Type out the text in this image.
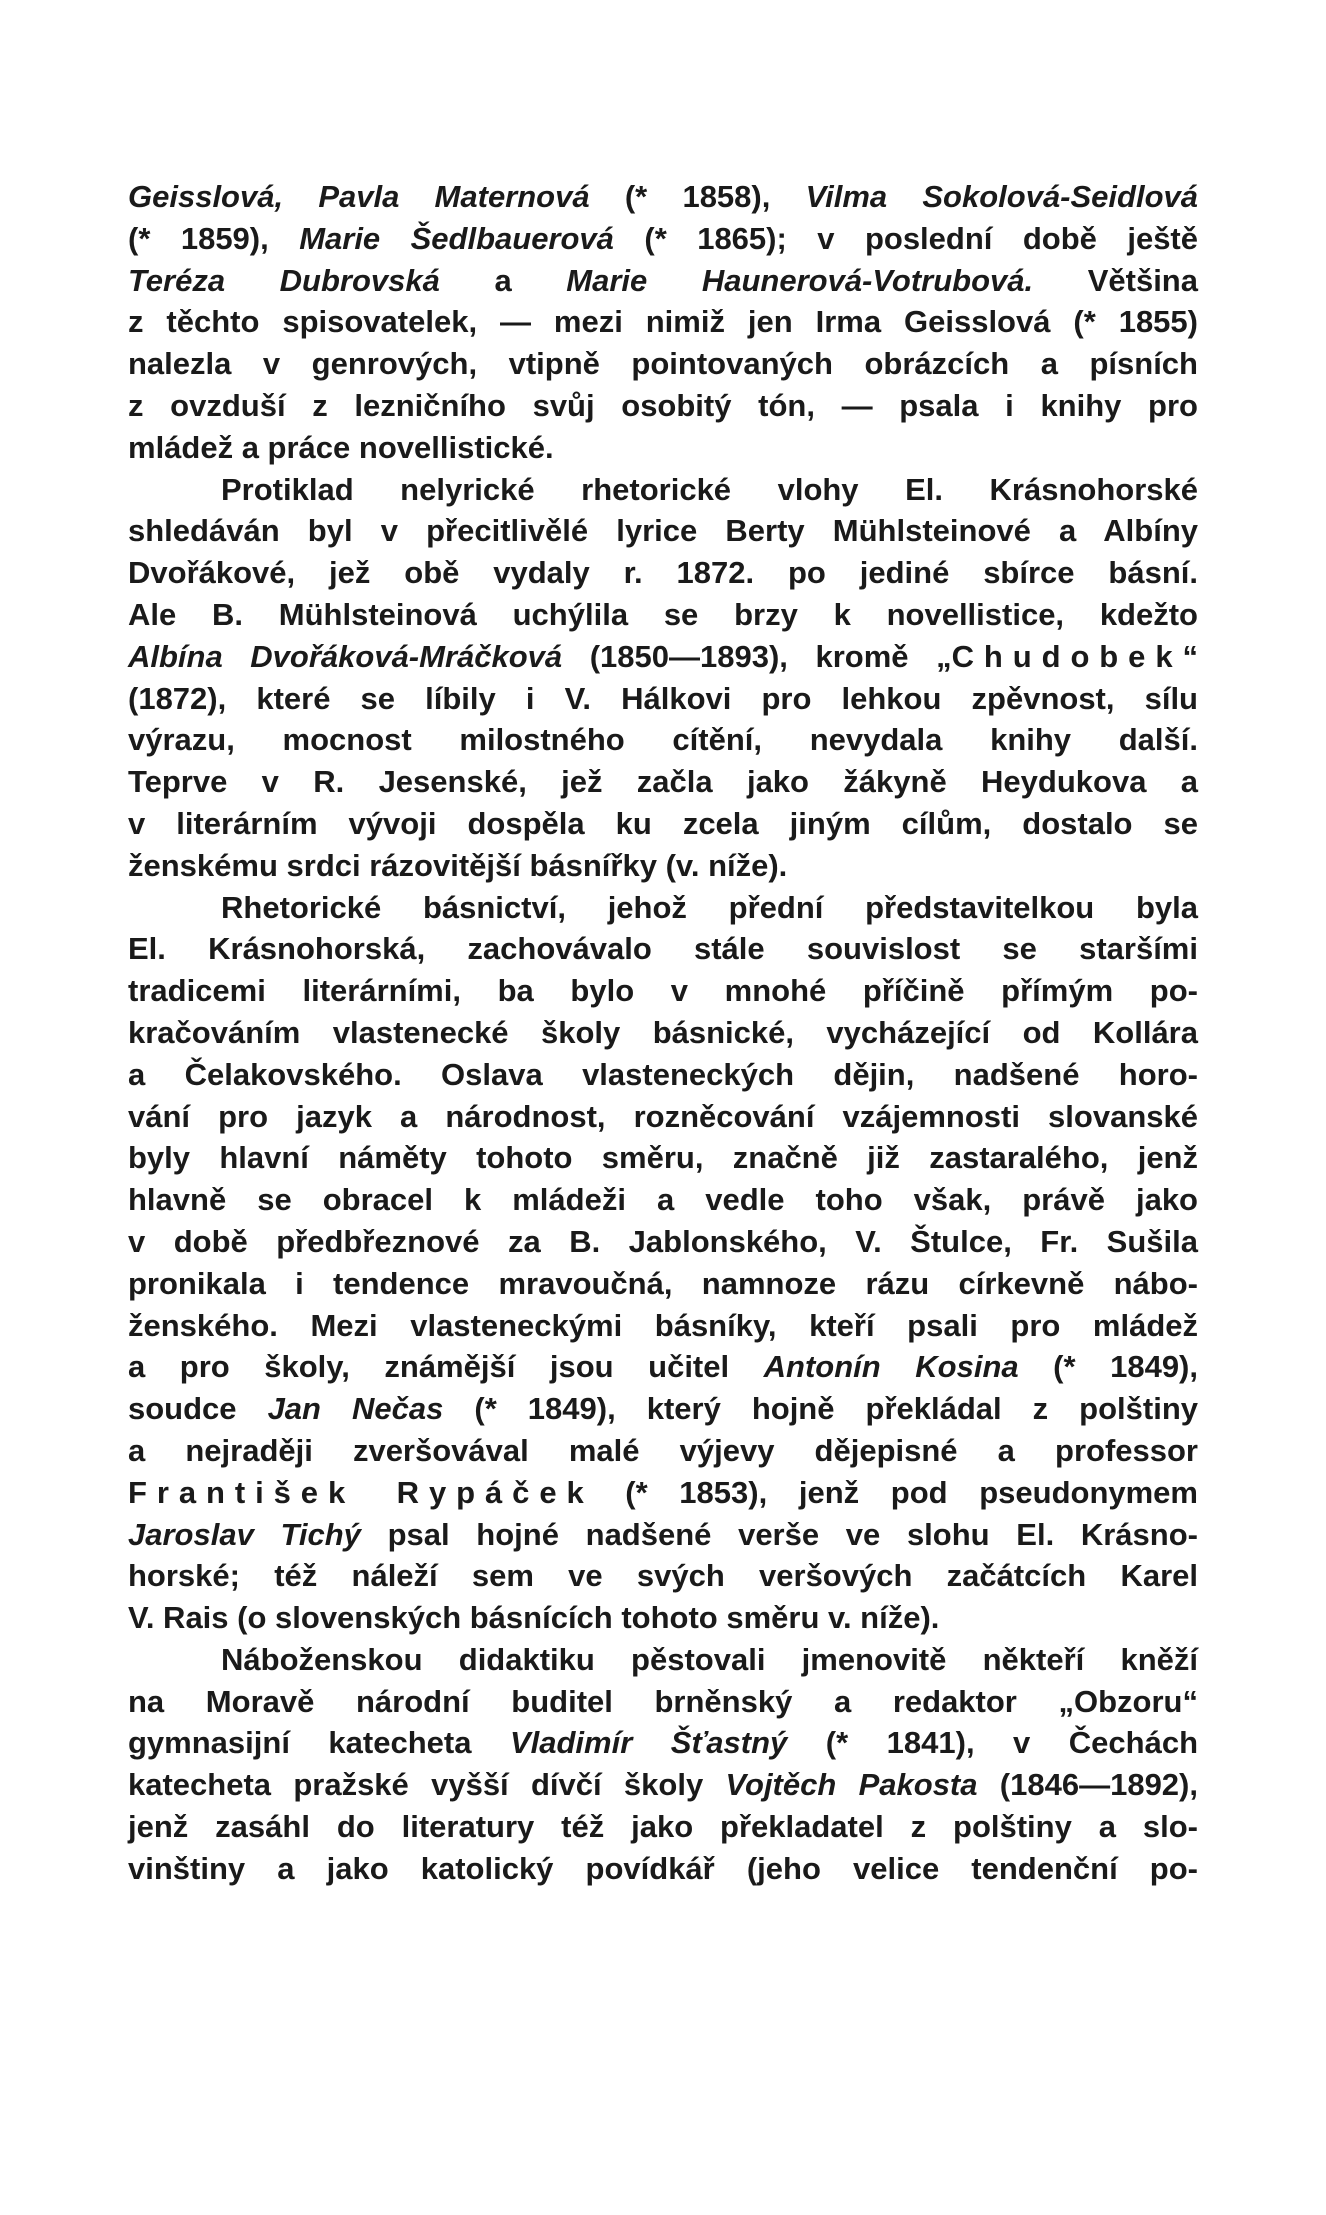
Geisslová, Pavla Maternová (* 1858), Vilma Sokolová-Seidlová
(* 1859), Marie Šedlbauerová (* 1865); v poslední době ještě
Teréza Dubrovská a Marie Haunerová-Votrubová. Většina
z těchto spisovatelek, — mezi nimiž jen Irma Geisslová (* 1855)
nalezla v genrových, vtipně pointovaných obrázcích a písních
z ovzduší z lezničního svůj osobitý tón, — psala i knihy pro
mládež a práce novellistické.
Protiklad nelyrické rhetorické vlohy El. Krásnohorské
shledáván byl v přecitlivělé lyrice Berty Mühlsteinové a Albíny
Dvořákové, jež obě vydaly r. 1872. po jediné sbírce básní.
Ale B. Mühlsteinová uchýlila se brzy k novellistice, kdežto
Albína Dvořáková-Mráčková (1850—1893), kromě „Chudobek“
(1872), které se líbily i V. Hálkovi pro lehkou zpěvnost, sílu
výrazu, mocnost milostného cítění, nevydala knihy další.
Teprve v R. Jesenské, jež začla jako žákyně Heydukova a
v literárním vývoji dospěla ku zcela jiným cílům, dostalo se
ženskému srdci rázovitější básnířky (v. níže).
Rhetorické básnictví, jehož přední představitelkou byla
El. Krásnohorská, zachovávalo stále souvislost se staršími
tradicemi literárními, ba bylo v mnohé příčině přímým po-
kračováním vlastenecké školy básnické, vycházející od Kollára
a Čelakovského. Oslava vlasteneckých dějin, nadšené horo-
vání pro jazyk a národnost, rozněcování vzájemnosti slovanské
byly hlavní náměty tohoto směru, značně již zastaralého, jenž
hlavně se obracel k mládeži a vedle toho však, právě jako
v době předbřeznové za B. Jablonského, V. Štulce, Fr. Sušila
pronikala i tendence mravoučná, namnoze rázu církevně nábo-
ženského. Mezi vlasteneckými básníky, kteří psali pro mládež
a pro školy, známější jsou učitel Antonín Kosina (* 1849),
soudce Jan Nečas (* 1849), který hojně překládal z polštiny
a nejraději zveršovával malé výjevy dějepisné a professor
František Rypáček (* 1853), jenž pod pseudonymem
Jaroslav Tichý psal hojné nadšené verše ve slohu El. Krásno-
horské; též náleží sem ve svých veršových začátcích Karel
V. Rais (o slovenských básnících tohoto směru v. níže).
Náboženskou didaktiku pěstovali jmenovitě někteří kněží
na Moravě národní buditel brněnský a redaktor „Obzoru“
gymnasijní katecheta Vladimír Šťastný (* 1841), v Čechách
katecheta pražské vyšší dívčí školy Vojtěch Pakosta (1846—1892),
jenž zasáhl do literatury též jako překladatel z polštiny a slo-
vinštiny a jako katolický povídkář (jeho velice tendenční po-
